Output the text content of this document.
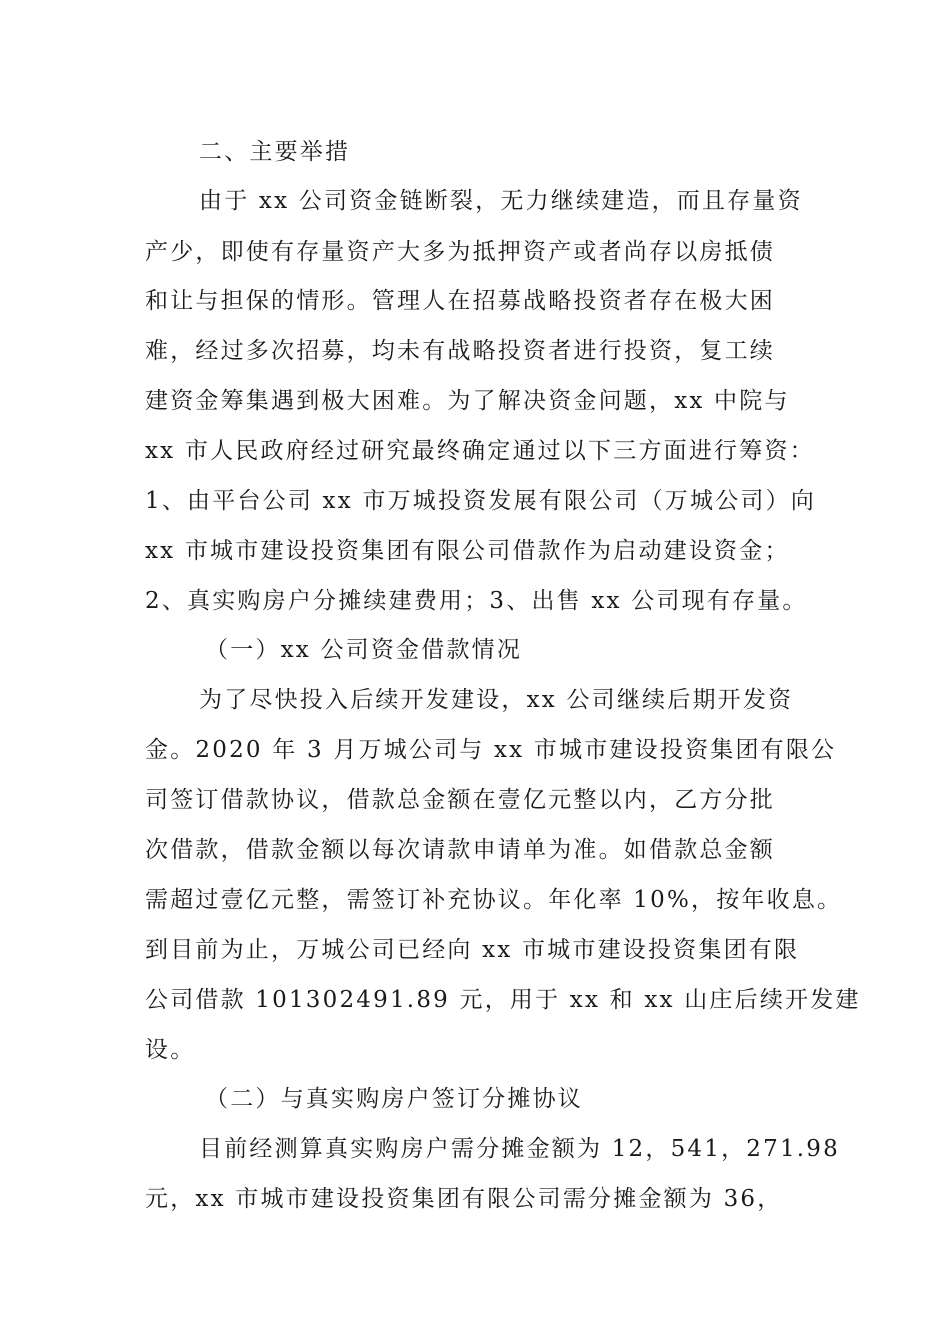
二、主要举措
由于 xx 公司资金链断裂，无力继续建造，而且存量资
产少，即使有存量资产大多为抵押资产或者尚存以房抵债
和让与担保的情形。管理人在招募战略投资者存在极大困
难，经过多次招募，均未有战略投资者进行投资，复工续
建资金筹集遇到极大困难。为了解决资金问题，xx 中院与
xx 市人民政府经过研究最终确定通过以下三方面进行筹资：
1、由平台公司 xx 市万城投资发展有限公司（万城公司）向
xx 市城市建设投资集团有限公司借款作为启动建设资金；
2、真实购房户分摊续建费用；3、出售 xx 公司现有存量。
（一）xx 公司资金借款情况
为了尽快投入后续开发建设，xx 公司继续后期开发资
金。2020 年 3 月万城公司与 xx 市城市建设投资集团有限公
司签订借款协议，借款总金额在壹亿元整以内，乙方分批
次借款，借款金额以每次请款申请单为准。如借款总金额
需超过壹亿元整，需签订补充协议。年化率 10%，按年收息。
到目前为止，万城公司已经向 xx 市城市建设投资集团有限
公司借款 101302491.89 元，用于 xx 和 xx 山庄后续开发建
设。
（二）与真实购房户签订分摊协议
目前经测算真实购房户需分摊金额为 12，541，271.98
元，xx 市城市建设投资集团有限公司需分摊金额为 36，
